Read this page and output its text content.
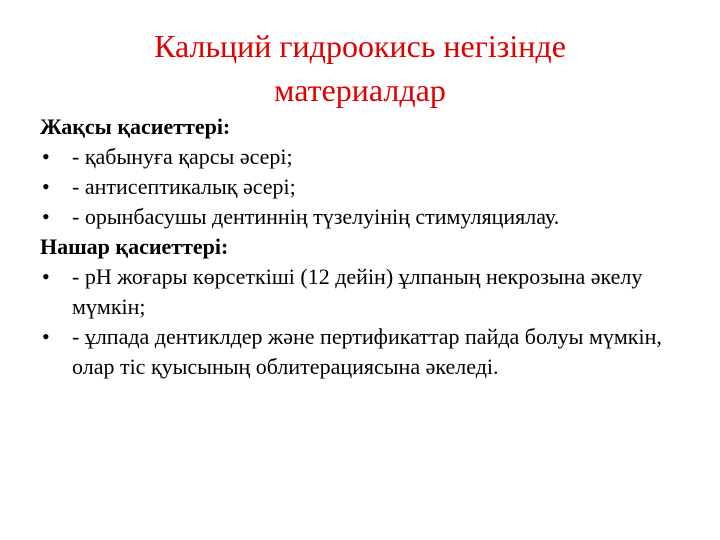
Кальций гидроокись негізінде
материалдар

Жақсы қасиеттері:

• - қабынуға қарсы әсері;
• - антисептикалық әсері;
• - орынбасушы дентиннің түзелуінің стимуляциялау.

Нашар қасиеттері:

• - pH жоғары көрсеткіші (12 дейін) ұлпаның некрозына әкелу мүмкін;
• - ұлпада дентиклдер және пертификаттар пайда болуы мүмкін, олар тіс қуысының облитерациясына әкеледі.
